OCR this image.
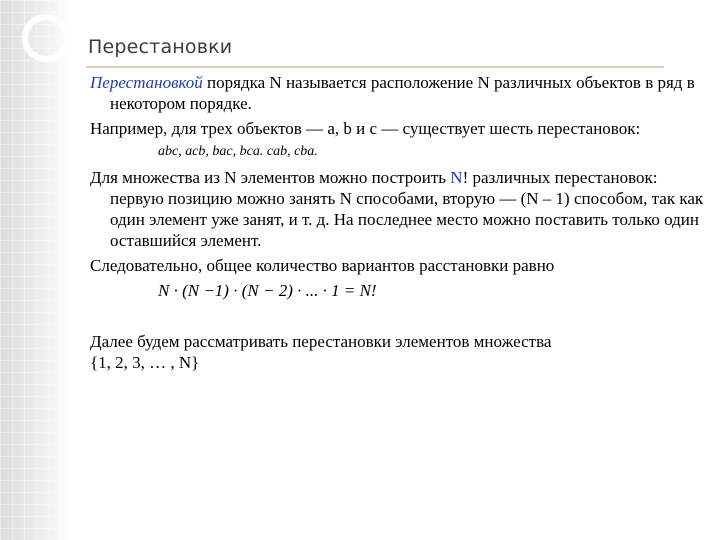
Перестановки

Перестановкой порядка N называется расположение N различных объектов в ряд в некотором порядке.

Например, для трех объектов — a, b и c — существует шесть перестановок:

abc, acb, bac, bca. cab, cba.

Для множества из N элементов можно построить N! различных перестановок: первую позицию можно занять N способами, вторую — (N – 1) способом, так как один элемент уже занят, и т. д. На последнее место можно поставить только один оставшийся элемент.

Следовательно, общее количество вариантов расстановки равно

N · (N −1) · (N − 2) · ... · 1 = N!

Далее будем рассматривать перестановки элементов множества

{1, 2, 3, … , N}
